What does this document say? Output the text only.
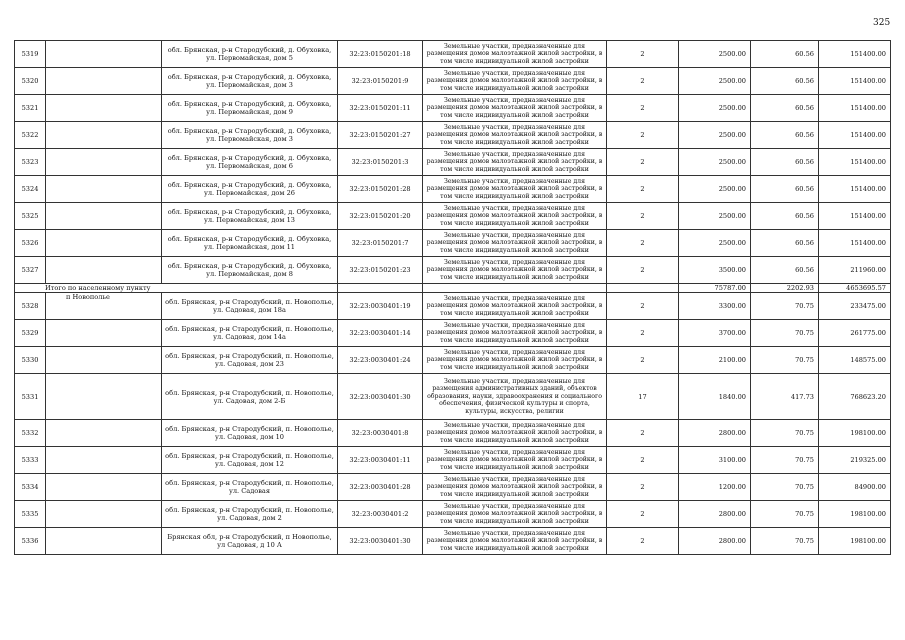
325
5319		обл. Брянская, р-н Стародубский, д. Обуховка, ул. Первомайская, дом 5	32:23:0150201:18	Земельные участки, предназначенные для размещения домов малоэтажной жилой застройки, в том числе индивидуальной жилой застройки	2	2500.00	60.56	151400.00
5320		обл. Брянская, р-н Стародубский, д. Обуховка, ул. Первомайская, дом 3	32:23:0150201:9	Земельные участки, предназначенные для размещения домов малоэтажной жилой застройки, в том числе индивидуальной жилой застройки	2	2500.00	60.56	151400.00
5321		обл. Брянская, р-н Стародубский, д. Обуховка, ул. Первомайская, дом 9	32:23:0150201:11	Земельные участки, предназначенные для размещения домов малоэтажной жилой застройки, в том числе индивидуальной жилой застройки	2	2500.00	60.56	151400.00
5322		обл. Брянская, р-н Стародубский, д. Обуховка, ул. Первомайская, дом 3	32:23:0150201:27	Земельные участки, предназначенные для размещения домов малоэтажной жилой застройки, в том числе индивидуальной жилой застройки	2	2500.00	60.56	151400.00
5323		обл. Брянская, р-н Стародубский, д. Обуховка, ул. Первомайская, дом 6	32:23:0150201:3	Земельные участки, предназначенные для размещения домов малоэтажной жилой застройки, в том числе индивидуальной жилой застройки	2	2500.00	60.56	151400.00
5324		обл. Брянская, р-н Стародубский, д. Обуховка, ул. Первомайская, дом 26	32:23:0150201:28	Земельные участки, предназначенные для размещения домов малоэтажной жилой застройки, в том числе индивидуальной жилой застройки	2	2500.00	60.56	151400.00
5325		обл. Брянская, р-н Стародубский, д. Обуховка, ул. Первомайская, дом 13	32:23:0150201:20	Земельные участки, предназначенные для размещения домов малоэтажной жилой застройки, в том числе индивидуальной жилой застройки	2	2500.00	60.56	151400.00
5326		обл. Брянская, р-н Стародубский, д. Обуховка, ул. Первомайская, дом 11	32:23:0150201:7	Земельные участки, предназначенные для размещения домов малоэтажной жилой застройки, в том числе индивидуальной жилой застройки	2	2500.00	60.56	151400.00
5327		обл. Брянская, р-н Стародубский, д. Обуховка, ул. Первомайская, дом 8	32:23:0150201:23	Земельные участки, предназначенные для размещения домов малоэтажной жилой застройки, в том числе индивидуальной жилой застройки	2	3500.00	60.56	211960.00
Итого по населенному пункту						75787.00	2202.93	4653695.57
5328	п Новополье	обл. Брянская, р-н Стародубский, п. Новополье, ул. Садовая, дом 18а	32:23:0030401:19	Земельные участки, предназначенные для размещения домов малоэтажной жилой застройки, в том числе индивидуальной жилой застройки	2	3300.00	70.75	233475.00
5329		обл. Брянская, р-н Стародубский, п. Новополье, ул. Садовая, дом 14а	32:23:0030401:14	Земельные участки, предназначенные для размещения домов малоэтажной жилой застройки, в том числе индивидуальной жилой застройки	2	3700.00	70.75	261775.00
5330		обл. Брянская, р-н Стародубский, п. Новополье, ул. Садовая, дом 23	32:23:0030401:24	Земельные участки, предназначенные для размещения домов малоэтажной жилой застройки, в том числе индивидуальной жилой застройки	2	2100.00	70.75	148575.00
5331		обл. Брянская, р-н Стародубский, п. Новополье, ул. Садовая, дом 2-Б	32:23:0030401:30	Земельные участки, предназначенные для размещения административных зданий, объектов образования, науки, здравоохранения и социального обеспечения, физической культуры и спорта, культуры, искусства, религии	17	1840.00	417.73	768623.20
5332		обл. Брянская, р-н Стародубский, п. Новополье, ул. Садовая, дом 10	32:23:0030401:8	Земельные участки, предназначенные для размещения домов малоэтажной жилой застройки, в том числе индивидуальной жилой застройки	2	2800.00	70.75	198100.00
5333		обл. Брянская, р-н Стародубский, п. Новополье, ул. Садовая, дом 12	32:23:0030401:11	Земельные участки, предназначенные для размещения домов малоэтажной жилой застройки, в том числе индивидуальной жилой застройки	2	3100.00	70.75	219325.00
5334		обл. Брянская, р-н Стародубский, п. Новополье, ул. Садовая	32:23:0030401:28	Земельные участки, предназначенные для размещения домов малоэтажной жилой застройки, в том числе индивидуальной жилой застройки	2	1200.00	70.75	84900.00
5335		обл. Брянская, р-н Стародубский, п. Новополье, ул. Садовая, дом 2	32:23:0030401:2	Земельные участки, предназначенные для размещения домов малоэтажной жилой застройки, в том числе индивидуальной жилой застройки	2	2800.00	70.75	198100.00
5336		Брянская обл, р-н Стародубский, п Новополье, ул Садовая, д 10 А	32:23:0030401:30	Земельные участки, предназначенные для размещения домов малоэтажной жилой застройки, в том числе индивидуальной жилой застройки	2	2800.00	70.75	198100.00
